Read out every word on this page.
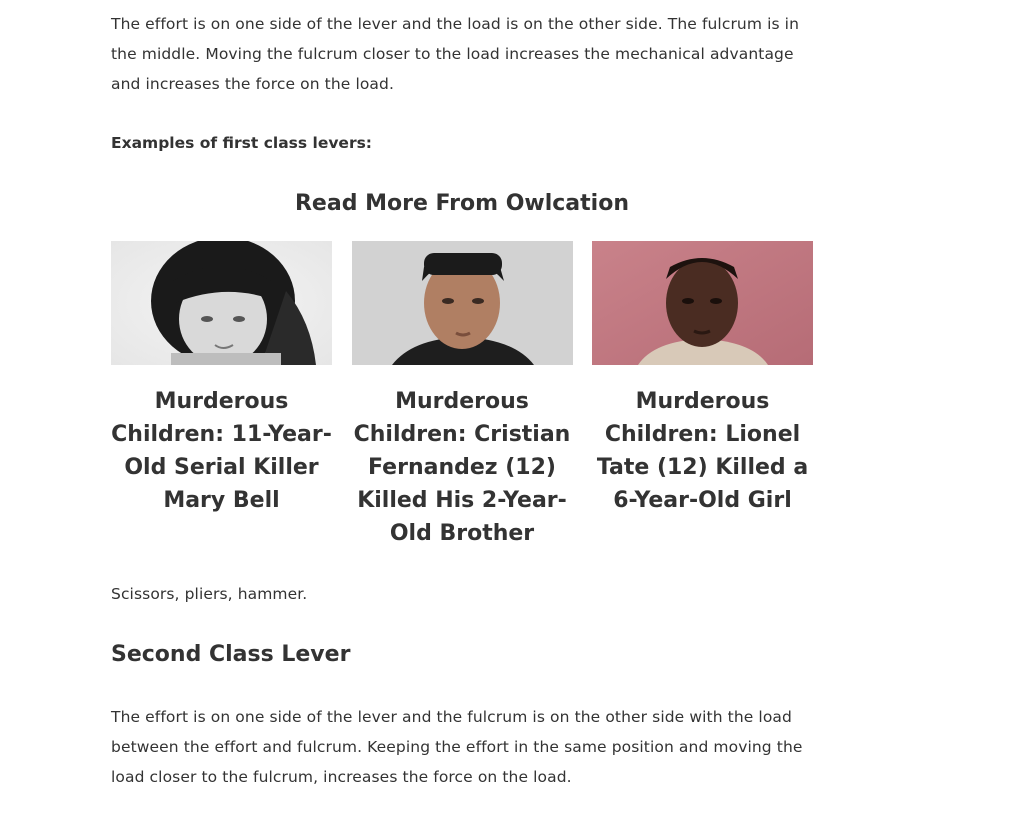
The effort is on one side of the lever and the load is on the other side. The fulcrum is in the middle. Moving the fulcrum closer to the load increases the mechanical advantage and increases the force on the load.

Examples of first class levers:

Read More From Owlcation
Murderous Children: 11-Year-Old Serial Killer Mary Bell
Murderous Children: Cristian Fernandez (12) Killed His 2-Year-Old Brother
Murderous Children: Lionel Tate (12) Killed a 6-Year-Old Girl

Scissors, pliers, hammer.

Second Class Lever

The effort is on one side of the lever and the fulcrum is on the other side with the load between the effort and fulcrum. Keeping the effort in the same position and moving the load closer to the fulcrum, increases the force on the load.
